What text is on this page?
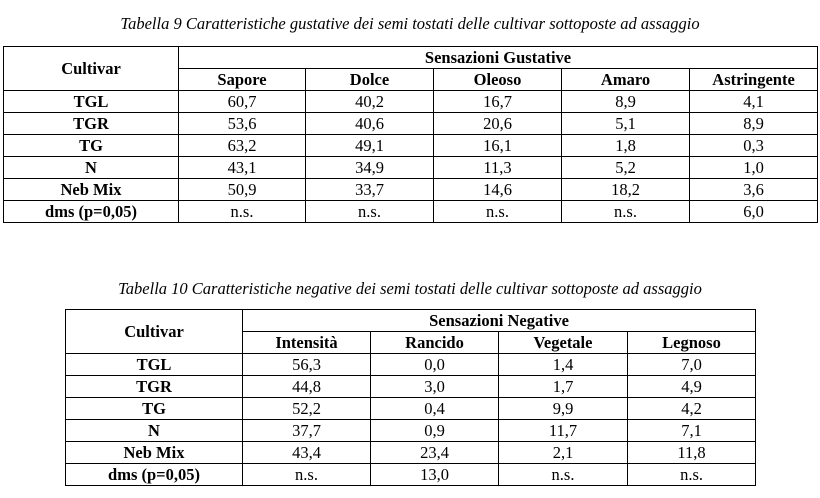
Tabella 9 Caratteristiche gustative dei semi tostati delle cultivar sottoposte ad assaggio
Cultivar	Sensazioni Gustative				
	Sapore	Dolce	Oleoso	Amaro	Astringente
TGL	60,7	40,2	16,7	8,9	4,1
TGR	53,6	40,6	20,6	5,1	8,9
TG	63,2	49,1	16,1	1,8	0,3
N	43,1	34,9	11,3	5,2	1,0
Neb Mix	50,9	33,7	14,6	18,2	3,6
dms (p=0,05)	n.s.	n.s.	n.s.	n.s.	6,0
Tabella 10 Caratteristiche negative dei semi tostati delle cultivar sottoposte ad assaggio
Cultivar	Sensazioni Negative			
	Intensità	Rancido	Vegetale	Legnoso
TGL	56,3	0,0	1,4	7,0
TGR	44,8	3,0	1,7	4,9
TG	52,2	0,4	9,9	4,2
N	37,7	0,9	11,7	7,1
Neb Mix	43,4	23,4	2,1	11,8
dms (p=0,05)	n.s.	13,0	n.s.	n.s.
